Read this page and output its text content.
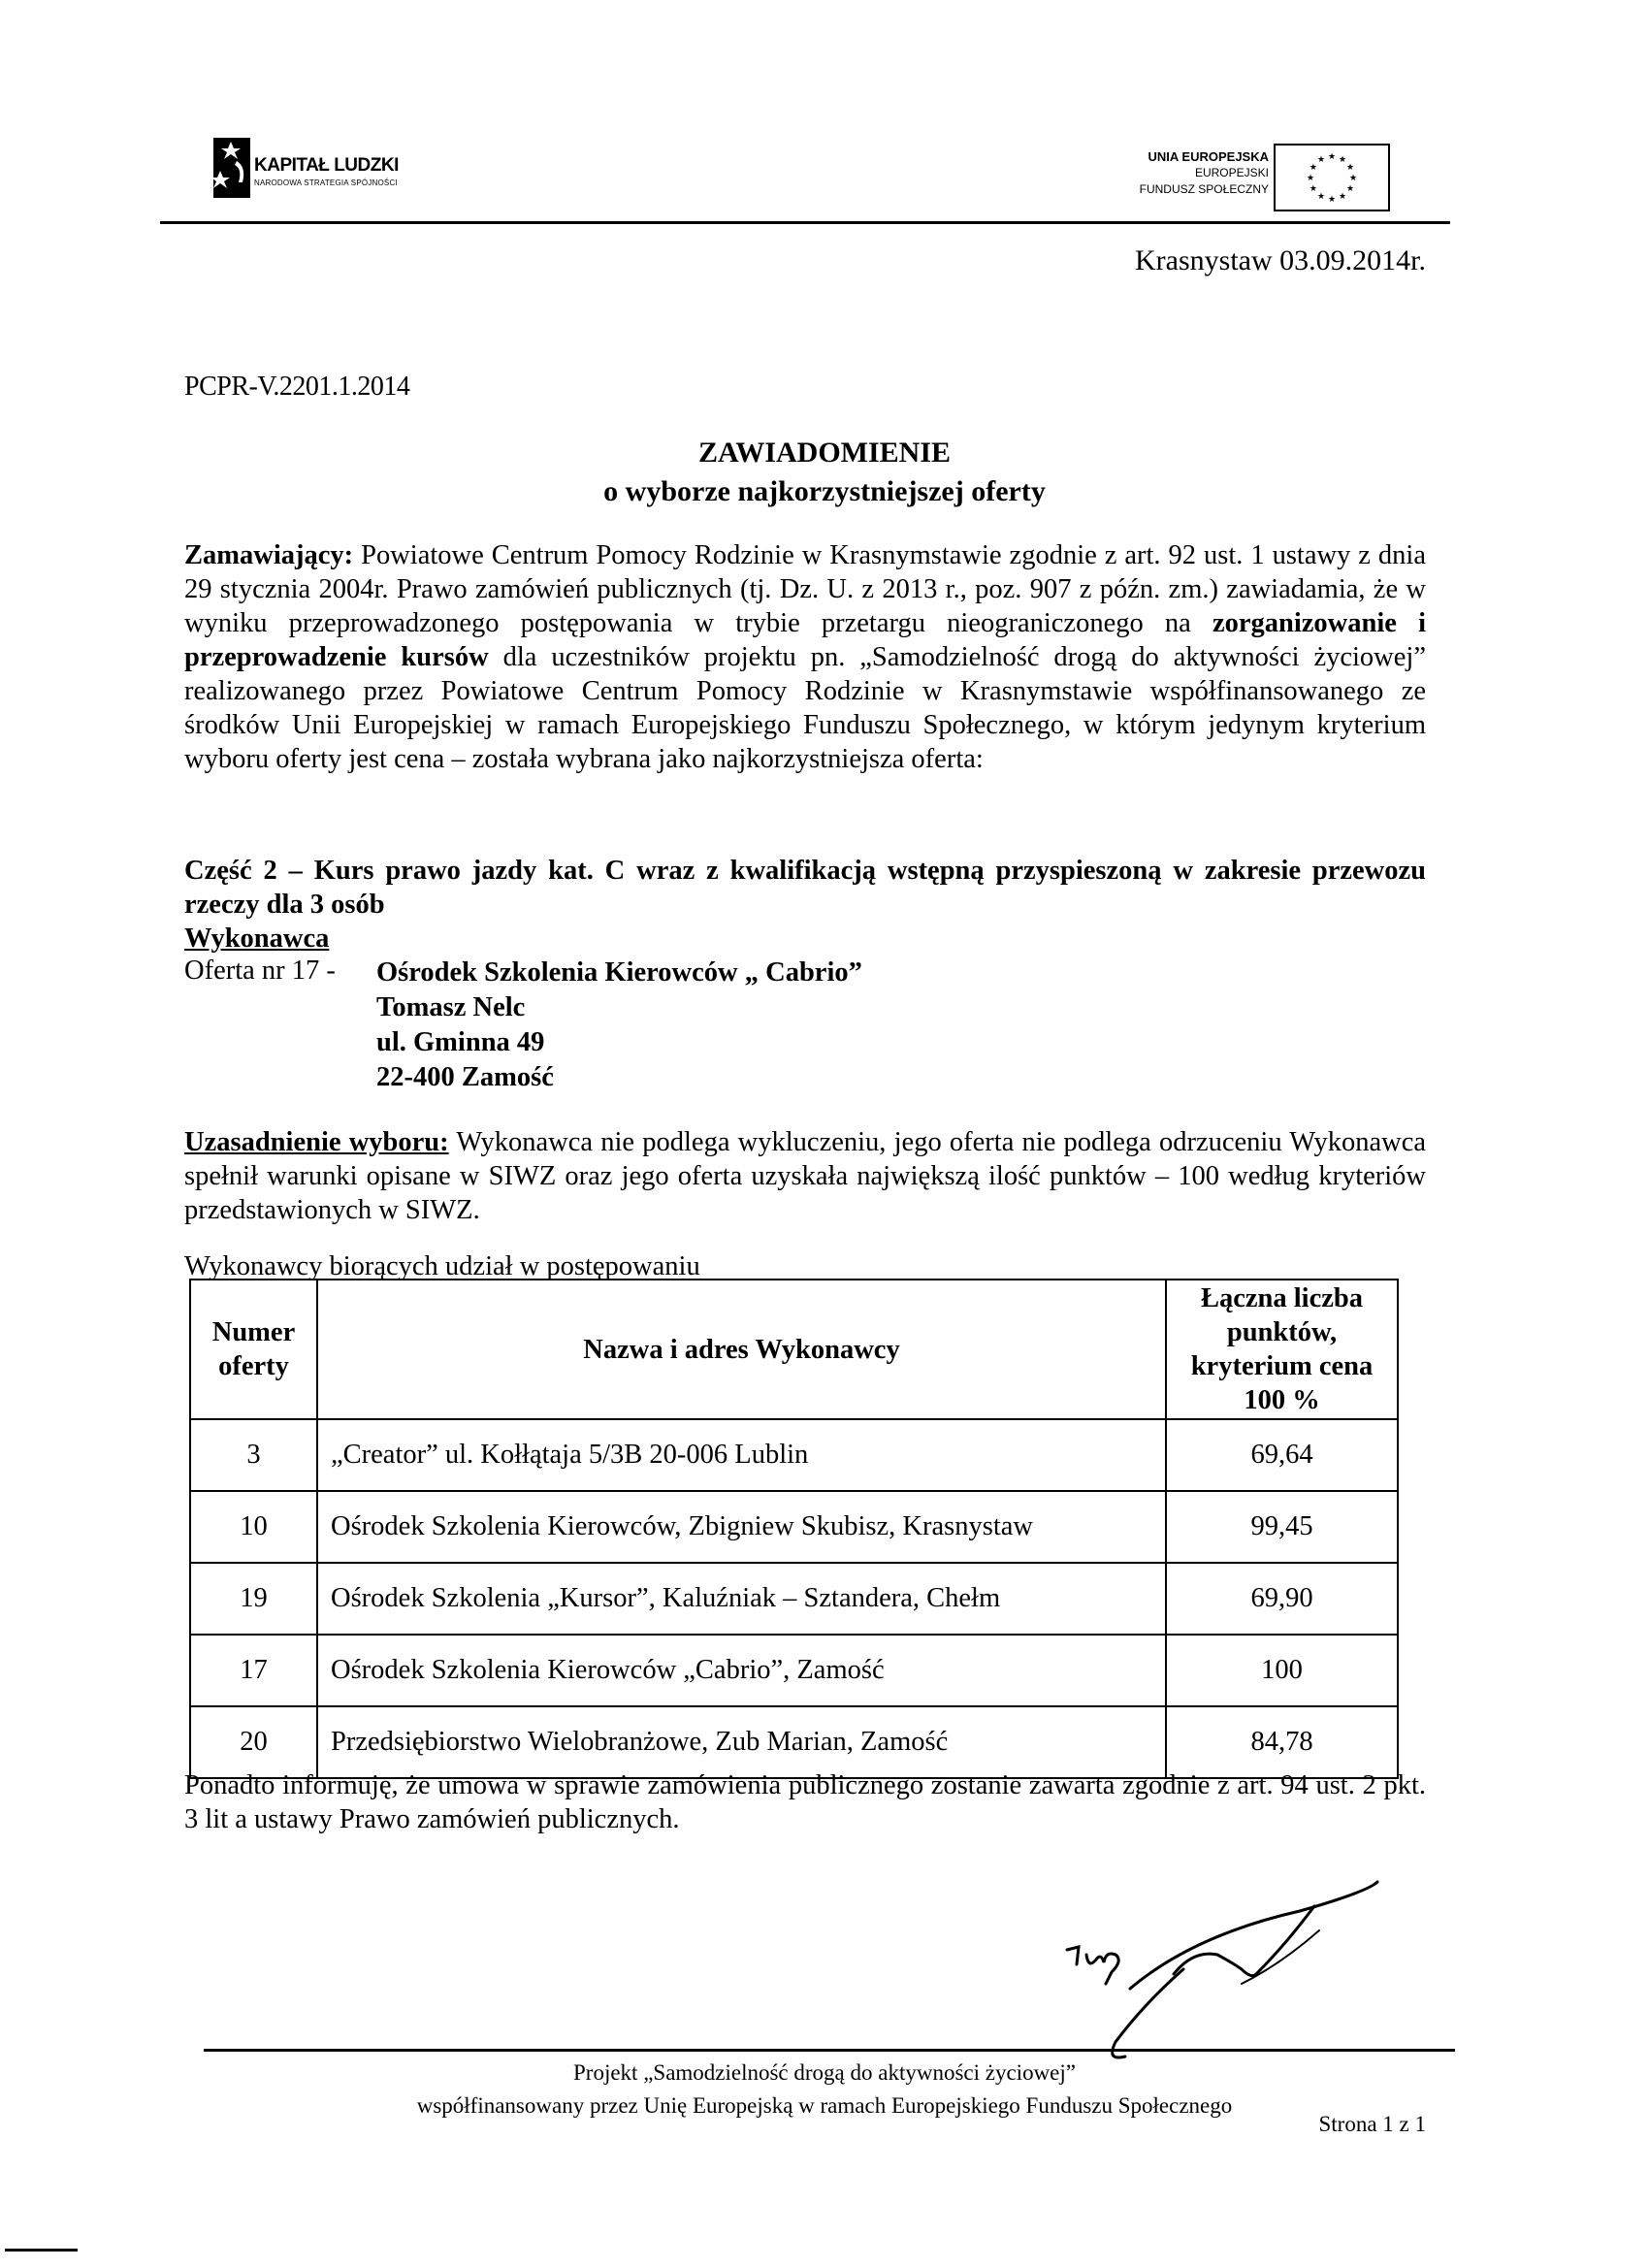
KAPITAŁ LUDZKI
NARODOWA STRATEGIA SPÓJNOŚCI
UNIA EUROPEJSKA
EUROPEJSKI
FUNDUSZ SPOŁECZNY
★ ★
★
★
★
★
★
★
★
★
★
★
Krasnystaw 03.09.2014r.
PCPR-V.2201.1.2014
ZAWIADOMIENIE
o wyborze najkorzystniejszej oferty
Zamawiający: Powiatowe Centrum Pomocy Rodzinie w Krasnymstawie zgodnie z art. 92 ust. 1 ustawy z dnia 29 stycznia 2004r. Prawo zamówień publicznych (tj. Dz. U. z 2013 r., poz. 907 z późn. zm.) zawiadamia, że w wyniku przeprowadzonego postępowania w trybie przetargu nieograniczonego na zorganizowanie i przeprowadzenie kursów dla uczestników projektu pn. „Samodzielność drogą do aktywności życiowej” realizowanego przez Powiatowe Centrum Pomocy Rodzinie w Krasnymstawie współfinansowanego ze środków Unii Europejskiej w ramach Europejskiego Funduszu Społecznego, w którym jedynym kryterium wyboru oferty jest cena – została wybrana jako najkorzystniejsza oferta:
Część 2 – Kurs prawo jazdy kat. C wraz z kwalifikacją wstępną przyspieszoną w zakresie przewozu rzeczy dla 3 osób
Wykonawca
Oferta nr 17 - Ośrodek Szkolenia Kierowców „ Cabrio”
Tomasz Nelc
ul. Gminna 49
22-400 Zamość
Uzasadnienie wyboru: Wykonawca nie podlega wykluczeniu, jego oferta nie podlega odrzuceniu Wykonawca spełnił warunki opisane w SIWZ oraz jego oferta uzyskała największą ilość punktów – 100 według kryteriów przedstawionych w SIWZ.
Wykonawcy biorących udział w postępowaniu
Numer oferty	Nazwa i adres Wykonawcy	Łączna liczba punktów, kryterium cena 100 %
3	„Creator” ul. Kołłątaja 5/3B 20-006 Lublin	69,64
10	Ośrodek Szkolenia Kierowców, Zbigniew Skubisz, Krasnystaw	99,45
19	Ośrodek Szkolenia „Kursor”, Kaluźniak – Sztandera, Chełm	69,90
17	Ośrodek Szkolenia Kierowców „Cabrio”, Zamość	100
20	Przedsiębiorstwo Wielobranżowe, Zub Marian, Zamość	84,78
Ponadto informuję, że umowa w sprawie zamówienia publicznego zostanie zawarta zgodnie z art. 94 ust. 2 pkt. 3 lit a ustawy Prawo zamówień publicznych.
Projekt „Samodzielność drogą do aktywności życiowej”
współfinansowany przez Unię Europejską w ramach Europejskiego Funduszu Społecznego
Strona 1 z 1
